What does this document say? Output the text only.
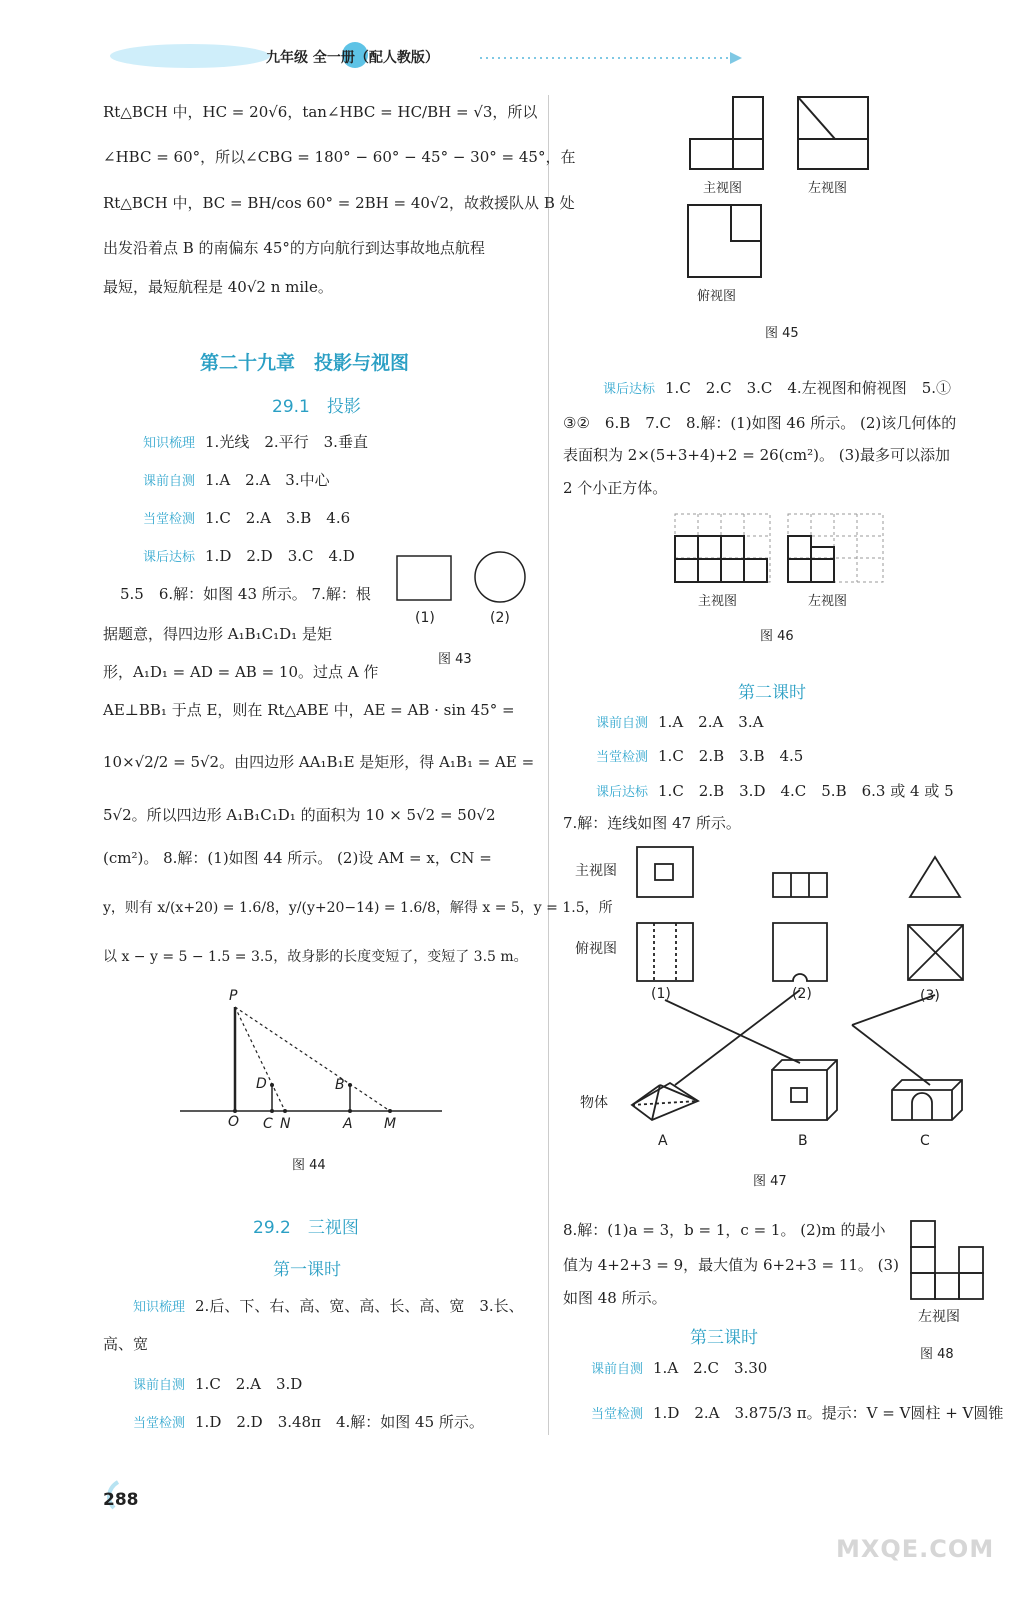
九年级 全一册（配人教版）
Rt△BCH 中，HC = 20√6，tan∠HBC = HC/BH = √3，所以
∠HBC = 60°，所以∠CBG = 180° − 60° − 45° − 30° = 45°，在
Rt△BCH 中，BC = BH/cos 60° = 2BH = 40√2，故救援队从 B 处
出发沿着点 B 的南偏东 45°的方向航行到达事故地点航程
最短，最短航程是 40√2 n mile。
第二十九章　投影与视图
29.1　投影
知识梳理 1.光线　2.平行　3.垂直
课前自测 1.A　2.A　3.中心
当堂检测 1.C　2.A　3.B　4.6
课后达标 1.D　2.D　3.C　4.D
(1)	(2)
图 43
5.5　6.解：如图 43 所示。 7.解：根
据题意，得四边形 A₁B₁C₁D₁ 是矩
形，A₁D₁ = AD = AB = 10。过点 A 作
AE⊥BB₁ 于点 E，则在 Rt△ABE 中，AE = AB · sin 45° =
10×√2/2 = 5√2。由四边形 AA₁B₁E 是矩形，得 A₁B₁ = AE =
5√2。所以四边形 A₁B₁C₁D₁ 的面积为 10 × 5√2 = 50√2
(cm²)。 8.解：(1)如图 44 所示。 (2)设 AM = x，CN =
y，则有 x/(x+20) = 1.6/8，y/(y+20−14) = 1.6/8，解得 x = 5，y = 1.5，所
以 x − y = 5 − 1.5 = 3.5，故身影的长度变短了，变短了 3.5 m。
P
D	B
O C N	A M
图 44
29.2　三视图
第一课时
知识梳理 2.后、下、右、高、宽、高、长、高、宽　3.长、
高、宽
课前自测 1.C　2.A　3.D
当堂检测 1.D　2.D　3.48π　4.解：如图 45 所示。
主视图	左视图
俯视图
图 45
课后达标 1.C　2.C　3.C　4.左视图和俯视图　5.①
③②　6.B　7.C　8.解：(1)如图 46 所示。 (2)该几何体的
表面积为 2×(5+3+4)+2 = 26(cm²)。 (3)最多可以添加
2 个小正方体。
主视图	左视图
图 46
第二课时
课前自测 1.A　2.A　3.A
当堂检测 1.C　2.B　3.B　4.5
课后达标 1.C　2.B　3.D　4.C　5.B　6.3 或 4 或 5
7.解：连线如图 47 所示。
主视图
俯视图
(1)	(2)	(3)
物体
A	B	C
图 47
8.解：(1)a = 3，b = 1，c = 1。 (2)m 的最小
值为 4+2+3 = 9，最大值为 6+2+3 = 11。 (3)
如图 48 所示。
左视图
图 48
第三课时
课前自测 1.A　2.C　3.30
当堂检测 1.D　2.A　3.875/3 π。提示：V = V圆柱 + V圆锥
288
MXQE.COM
